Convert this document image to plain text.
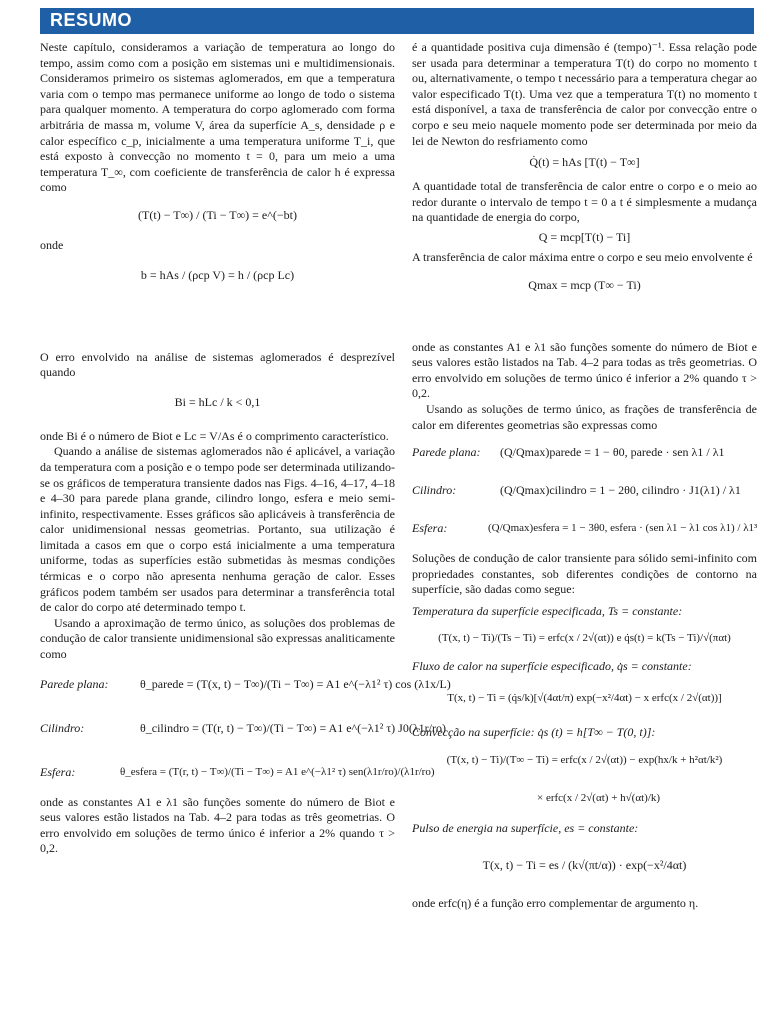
RESUMO

Neste capítulo, consideramos a variação de temperatura ao longo do tempo, assim como com a posição em sistemas uni e multidimensionais. Consideramos primeiro os sistemas aglomerados, em que a temperatura varia com o tempo mas permanece uniforme ao longo de todo o sistema para qualquer momento. A temperatura do corpo aglomerado com forma arbitrária de massa m, volume V, área da superfície A_s, densidade ρ e calor específico c_p, inicialmente a uma temperatura uniforme T_i, que está exposto à convecção no momento t = 0, para um meio a uma temperatura T_∞, com coeficiente de transferência de calor h é expressa como

(T(t) − T∞) / (Ti − T∞) = e^(−bt)

onde

b = hAs / (ρcp V) = h / (ρcp Lc)

O erro envolvido na análise de sistemas aglomerados é desprezível quando

Bi = hLc / k < 0,1

onde Bi é o número de Biot e Lc = V/As é o comprimento característico.

Quando a análise de sistemas aglomerados não é aplicável, a variação da temperatura com a posição e o tempo pode ser determinada utilizando-se os gráficos de temperatura transiente dados nas Figs. 4–16, 4–17, 4–18 e 4–30 para parede plana grande, cilindro longo, esfera e meio semi-infinito, respectivamente. Esses gráficos são aplicáveis à transferência de calor unidimensional nessas geometrias. Portanto, sua utilização é limitada a casos em que o corpo está inicialmente a uma temperatura uniforme, todas as superfícies estão submetidas às mesmas condições térmicas e o corpo não apresenta nenhuma geração de calor. Esses gráficos podem também ser usados para determinar a transferência total de calor do corpo até determinado tempo t.

Usando a aproximação de termo único, as soluções dos problemas de condução de calor transiente unidimensional são expressas analiticamente como

Parede plana:	θ_parede = (T(x, t) − T∞)/(Ti − T∞) = A1 e^(−λ1² τ) cos (λ1x/L)
Cilindro:	θ_cilindro = (T(r, t) − T∞)/(Ti − T∞) = A1 e^(−λ1² τ) J0(λ1r/ro)
Esfera:	θ_esfera = (T(r, t) − T∞)/(Ti − T∞) = A1 e^(−λ1² τ) sen(λ1r/ro)/(λ1r/ro)

onde as constantes A1 e λ1 são funções somente do número de Biot e seus valores estão listados na Tab. 4–2 para todas as três geometrias. O erro envolvido em soluções de termo único é inferior a 2% quando τ > 0,2.

é a quantidade positiva cuja dimensão é (tempo)⁻¹. Essa relação pode ser usada para determinar a temperatura T(t) do corpo no momento t ou, alternativamente, o tempo t necessário para a temperatura chegar ao valor especificado T(t). Uma vez que a temperatura T(t) no momento t está disponível, a taxa de transferência de calor por convecção entre o corpo e seu meio naquele momento pode ser determinada por meio da lei de Newton do resfriamento como

Q̇(t) = hAs [T(t) − T∞]

A quantidade total de transferência de calor entre o corpo e o meio ao redor durante o intervalo de tempo t = 0 a t é simplesmente a mudança na quantidade de energia do corpo,

Q = mcp[T(t) − Ti]

A transferência de calor máxima entre o corpo e seu meio envolvente é

Qmax = mcp (T∞ − Ti)

onde as constantes A1 e λ1 são funções somente do número de Biot e seus valores estão listados na Tab. 4–2 para todas as três geometrias. O erro envolvido em soluções de termo único é inferior a 2% quando τ > 0,2.

Usando as soluções de termo único, as frações de transferência de calor em diferentes geometrias são expressas como

Parede plana: (Q/Qmax)parede = 1 − θ0, parede · sen λ1 / λ1
Cilindro:	(Q/Qmax)cilindro = 1 − 2θ0, cilindro · J1(λ1) / λ1
Esfera:	(Q/Qmax)esfera = 1 − 3θ0, esfera · (sen λ1 − λ1 cos λ1) / λ1³

Soluções de condução de calor transiente para sólido semi-infinito com propriedades constantes, sob diferentes condições de contorno na superfície, são dadas como segue:

Temperatura da superfície especificada, Ts = constante:

(T(x, t) − Ti)/(Ts − Ti) = erfc(x / 2√(αt)) e q̇s(t) = k(Ts − Ti)/√(παt)

Fluxo de calor na superfície especificado, q̇s = constante:

T(x, t) − Ti = (q̇s/k)[√(4αt/π) exp(−x²/4αt) − x erfc(x / 2√(αt))]

Convecção na superfície: q̇s (t) = h[T∞ − T(0, t)]:

(T(x, t) − Ti)/(T∞ − Ti) = erfc(x / 2√(αt)) − exp(hx/k + h²αt/k²)
× erfc(x / 2√(αt) + h√(αt)/k)

Pulso de energia na superfície, es = constante:

T(x, t) − Ti = es / (k√(πt/α)) · exp(−x²/4αt)

onde erfc(η) é a função erro complementar de argumento η.
